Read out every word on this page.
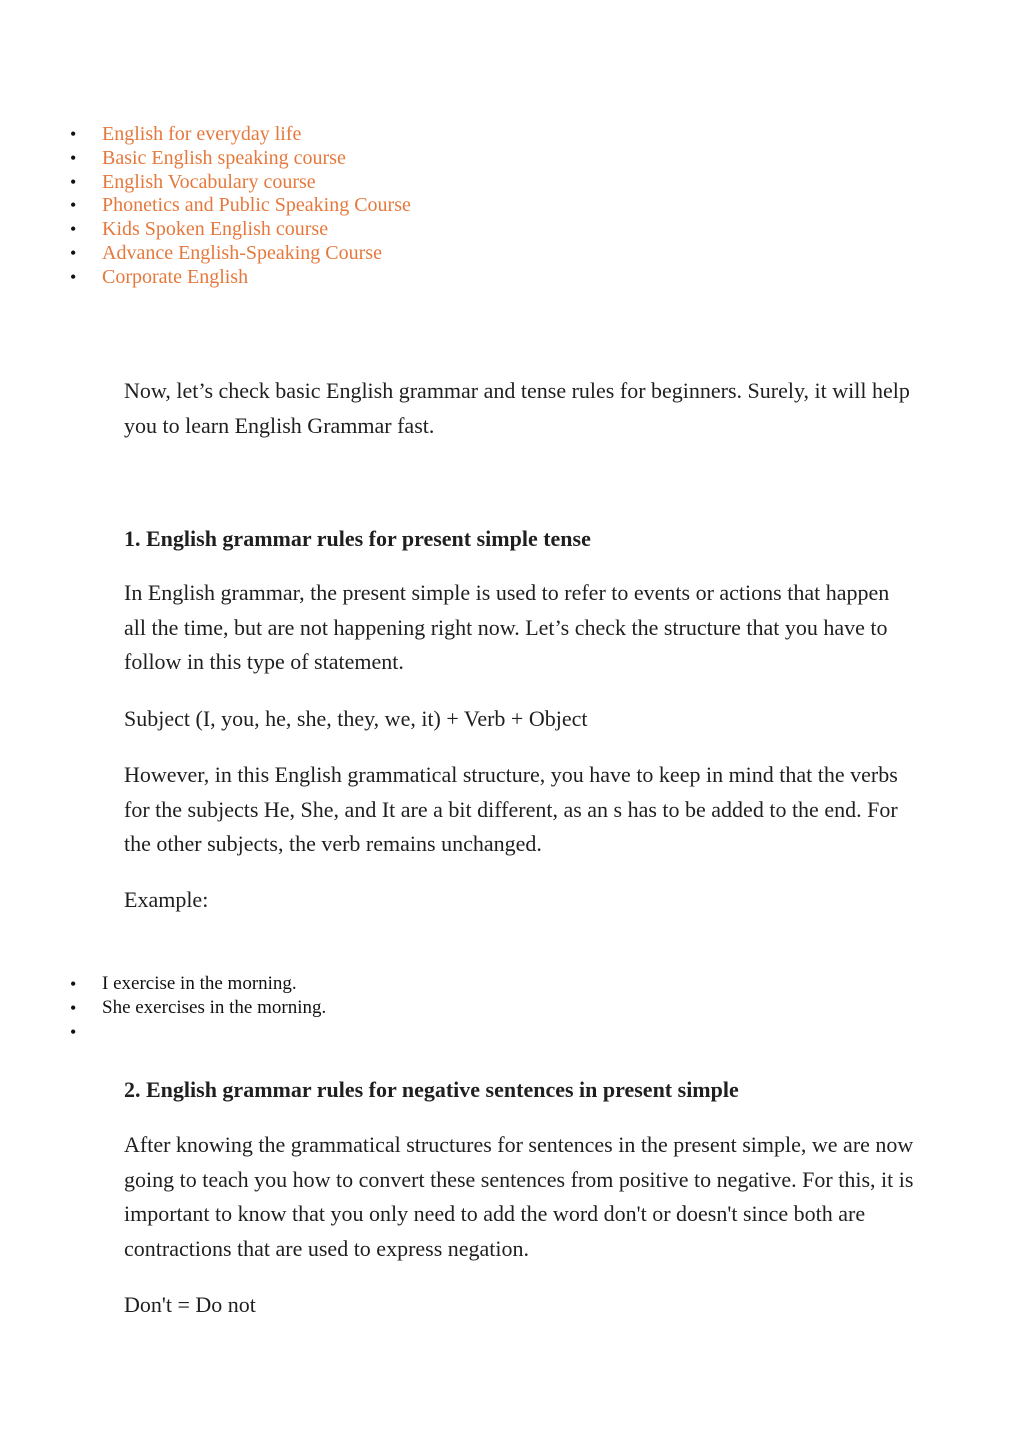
• English for everyday life
• Basic English speaking course
• English Vocabulary course
• Phonetics and Public Speaking Course
• Kids Spoken English course
• Advance English-Speaking Course
• Corporate English

Now, let’s check basic English grammar and tense rules for beginners. Surely, it will help you to learn English Grammar fast.

1. English grammar rules for present simple tense

In English grammar, the present simple is used to refer to events or actions that happen all the time, but are not happening right now. Let’s check the structure that you have to follow in this type of statement.

Subject (I, you, he, she, they, we, it) + Verb + Object

However, in this English grammatical structure, you have to keep in mind that the verbs for the subjects He, She, and It are a bit different, as an s has to be added to the end. For the other subjects, the verb remains unchanged.

Example:

• I exercise in the morning.
• She exercises in the morning.
•
2. English grammar rules for negative sentences in present simple

After knowing the grammatical structures for sentences in the present simple, we are now going to teach you how to convert these sentences from positive to negative. For this, it is important to know that you only need to add the word don't or doesn't since both are contractions that are used to express negation.

Don't = Do not
